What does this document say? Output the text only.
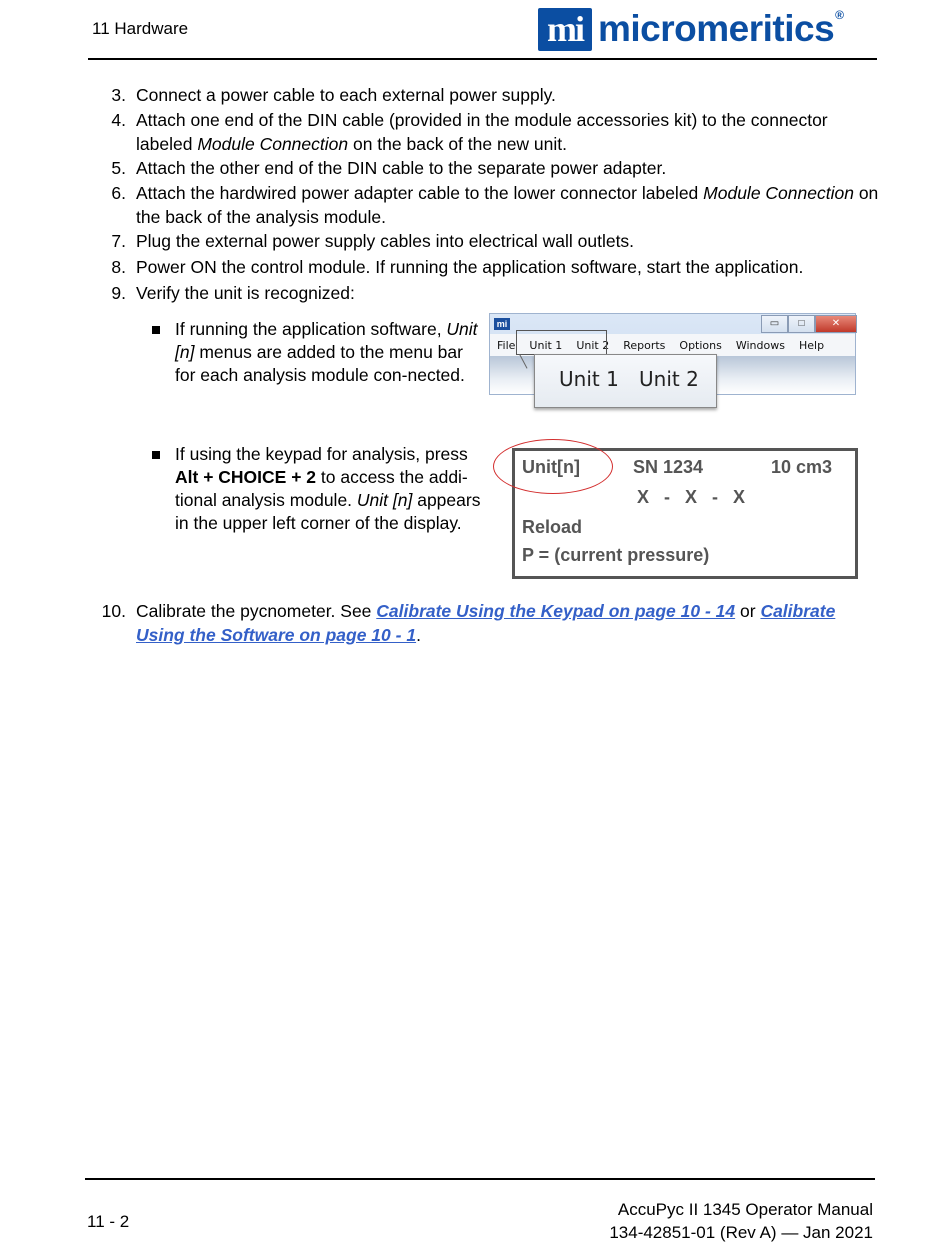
11 Hardware	mi micromeritics®
3. Connect a power cable to each external power supply.
4. Attach one end of the DIN cable (provided in the module accessories kit) to the connector labeled Module Connection on the back of the new unit.
5. Attach the other end of the DIN cable to the separate power adapter.
6. Attach the hardwired power adapter cable to the lower connector labeled Module Connection on the back of the analysis module.
7. Plug the external power supply cables into electrical wall outlets.
8. Power ON the control module. If running the application software, start the application.
9. Verify the unit is recognized:
If running the application software, Unit [n] menus are added to the menu bar for each analysis module con-nected.
mi	▭	□	✕
File	Unit 1	Unit 2	Reports	Options	Windows	Help
Unit 1 Unit 2
If using the keypad for analysis, press Alt + CHOICE + 2 to access the addi-tional analysis module. Unit [n] appears in the upper left corner of the display.
Unit[n]	SN 1234	10 cm3
X   -   X   -   X
Reload
P = (current pressure)
10. Calibrate the pycnometer. See Calibrate Using the Keypad on page 10 - 14 or Calibrate Using the Software on page 10 - 1.
11 - 2
AccuPyc II 1345 Operator Manual
134-42851-01 (Rev A) — Jan 2021
